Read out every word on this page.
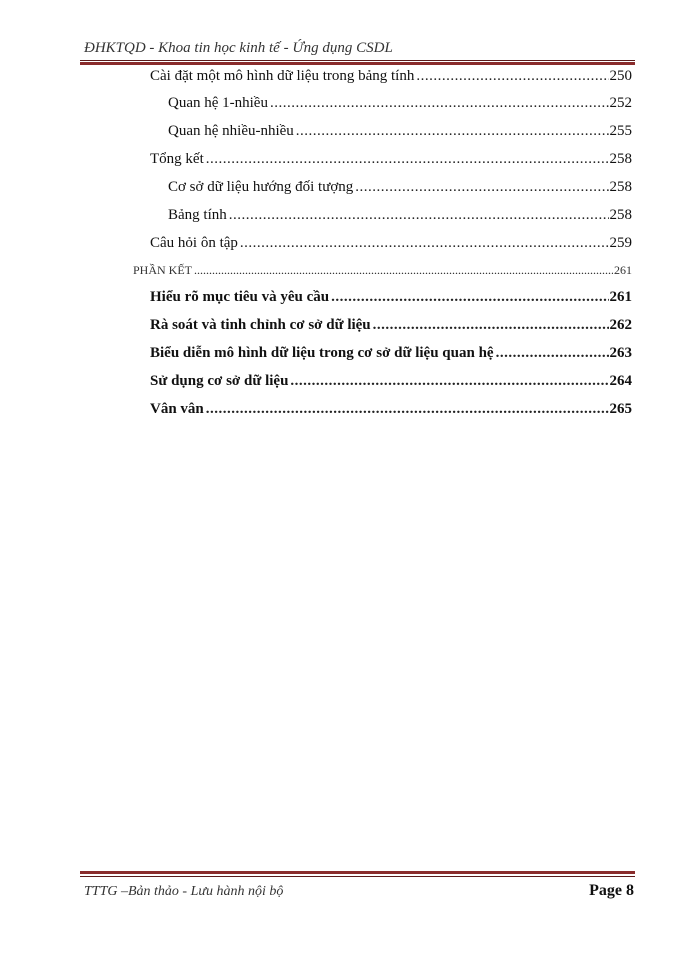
ĐHKTQD - Khoa tin học kinh tế - Ứng dụng CSDL
Cài đặt một mô hình dữ liệu trong bảng tính .....	250
Quan hệ 1-nhiều .....	252
Quan hệ nhiều-nhiều .....	255
Tổng kết .....	258
Cơ sở dữ liệu hướng đối tượng .....	258
Bảng tính .....	258
Câu hỏi ôn tập .....	259
PHẦN KẾT .....	261
Hiểu rõ mục tiêu và yêu cầu .....	261
Rà soát và tinh chỉnh cơ sở dữ liệu .....	262
Biểu diễn mô hình dữ liệu trong cơ sở dữ liệu quan hệ .....	263
Sử dụng cơ sở dữ liệu .....	264
Vân vân .....	265
TTTG –Bản thảo - Lưu hành nội bộ	Page 8
